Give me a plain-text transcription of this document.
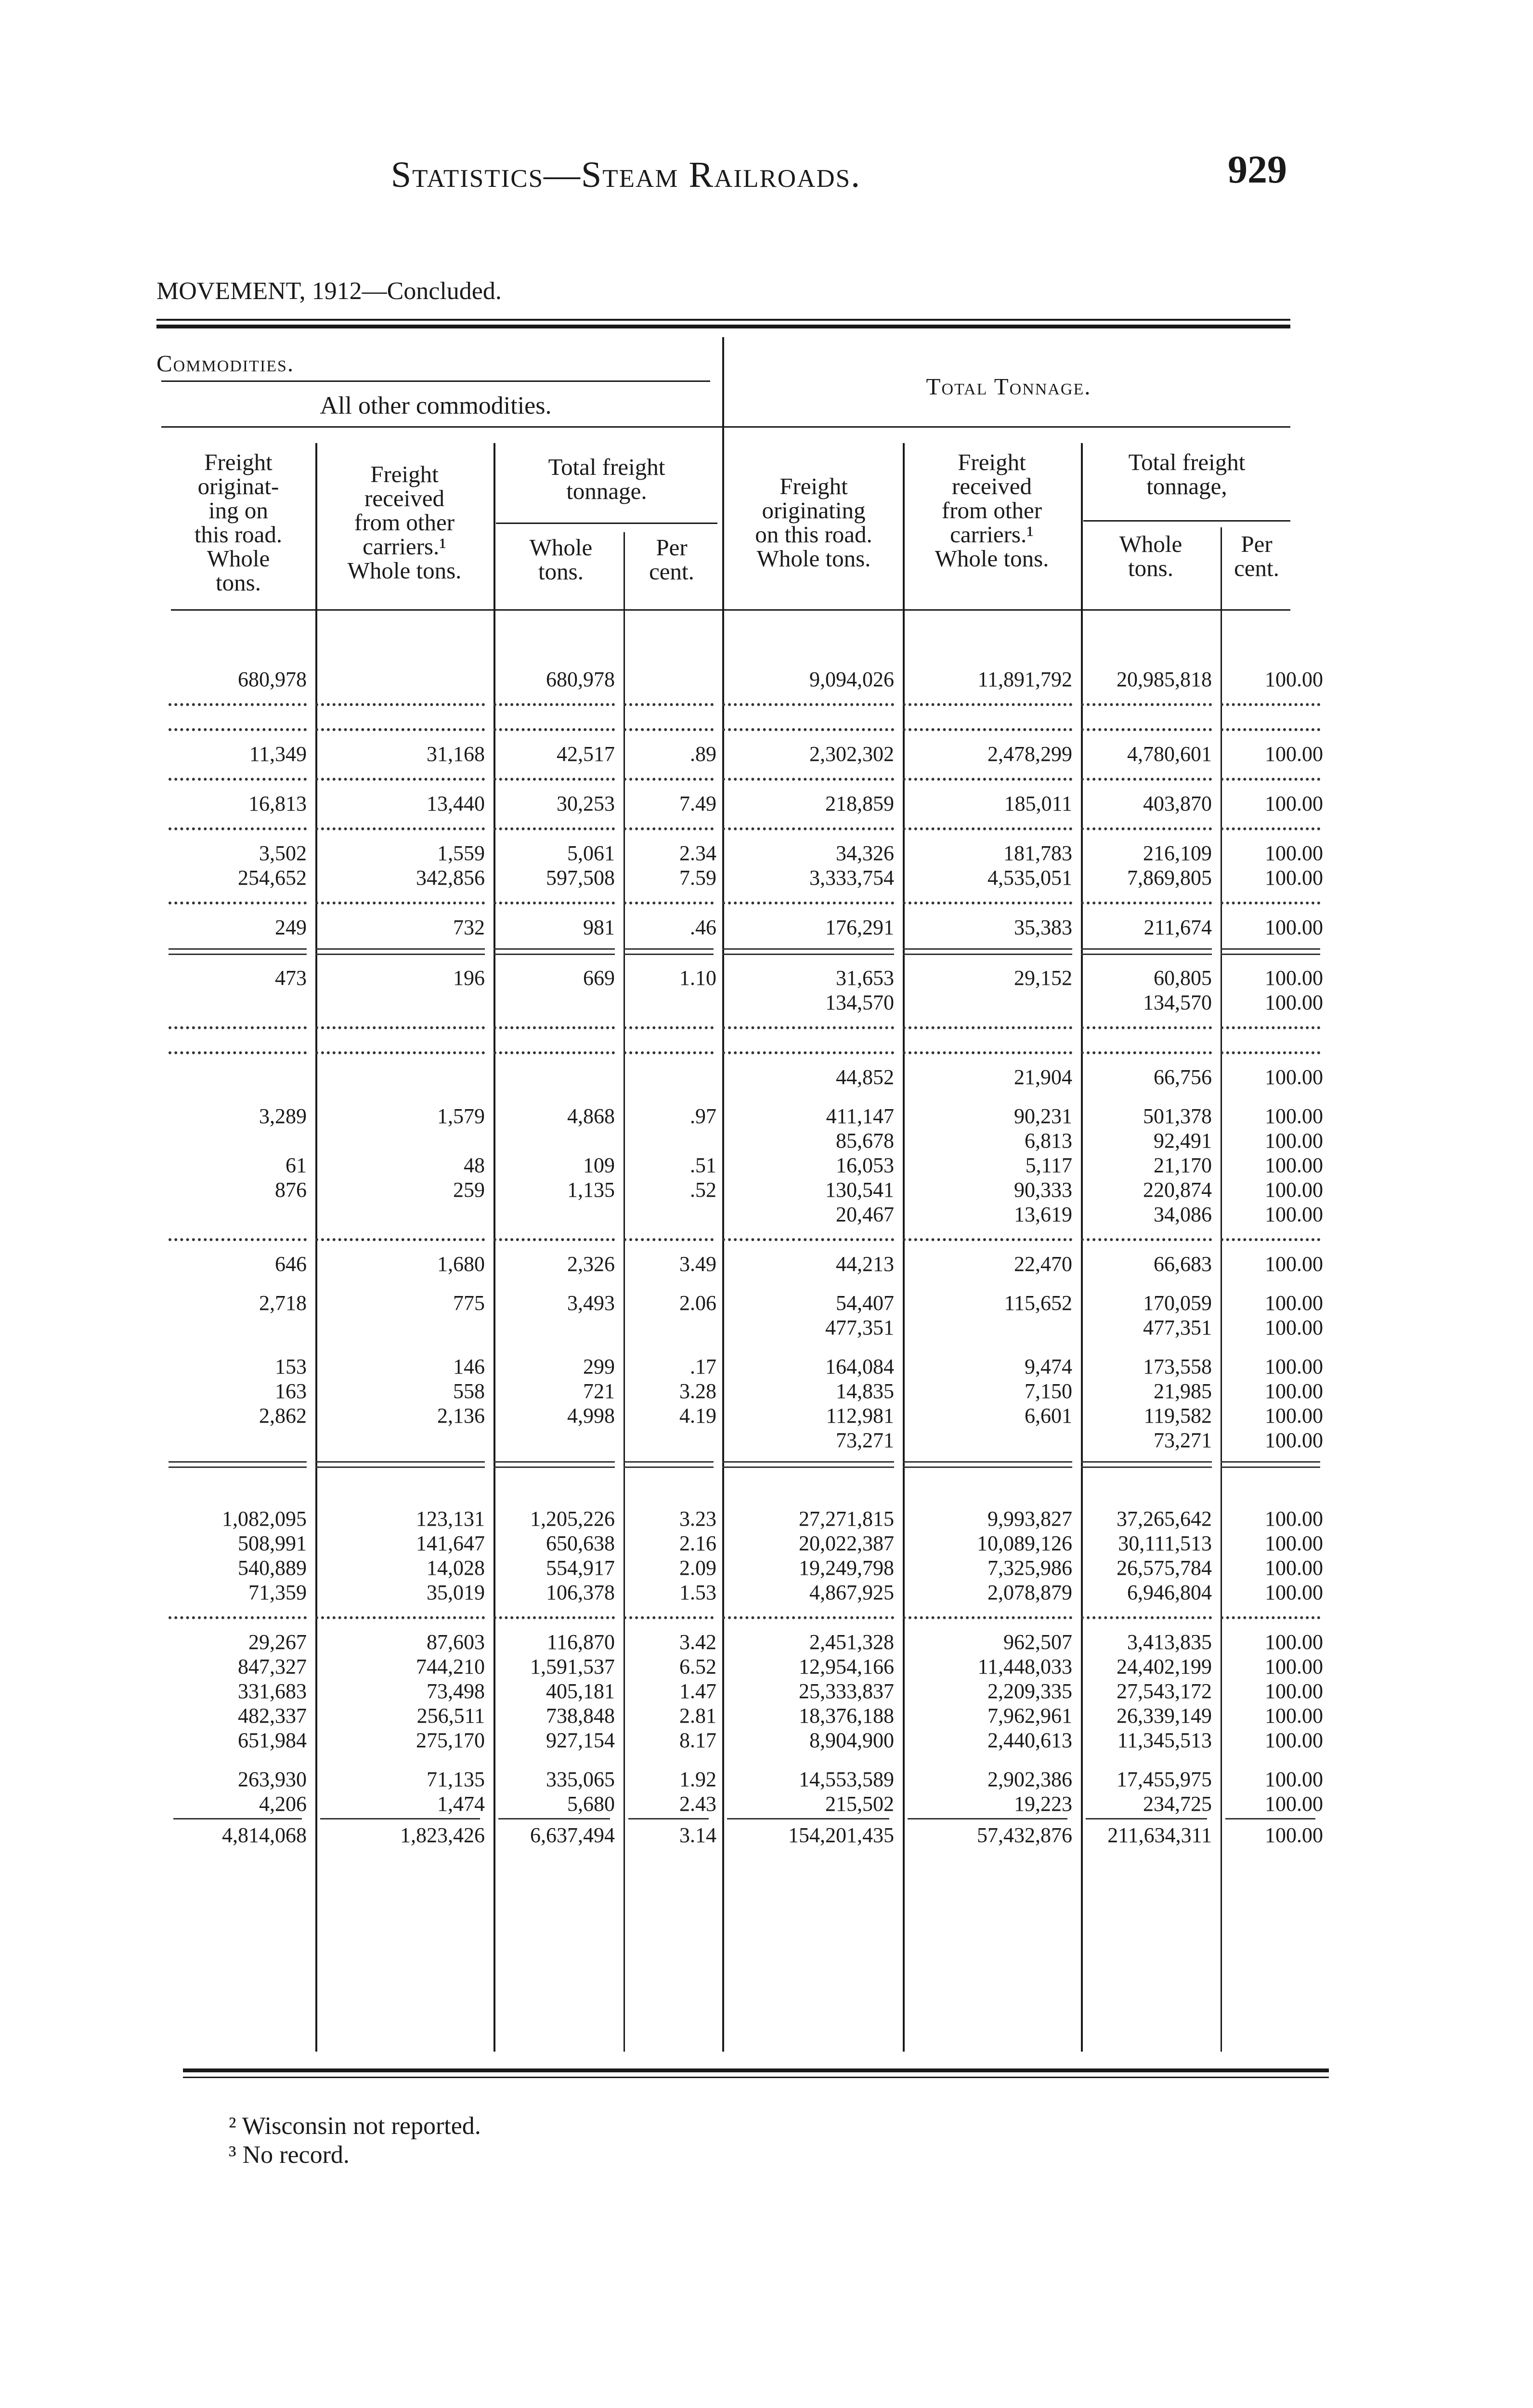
Statistics—Steam Railroads.	929
MOVEMENT, 1912—Concluded.
Commodities.
All other commodities.
Total Tonnage.
Freight
originat-
ing on
this road.
Whole
tons.
Freight
received
from other
carriers.¹
Whole tons.
Total freight
tonnage.
Whole
tons.
Per
cent.
Freight
originating
on this road.
Whole tons.
Freight
received
from other
carriers.¹
Whole tons.
Total freight
tonnage,
Whole
tons.
Per
cent.
680,978		680,978		9,094,026	11,891,792	20,985,818	100.00

11,349	31,168	42,517	.89	2,302,302	2,478,299	4,780,601	100.00

16,813	13,440	30,253	7.49	218,859	185,011	403,870	100.00

3,502	1,559	5,061	2.34	34,326	181,783	216,109	100.00
254,652	342,856	597,508	7.59	3,333,754	4,535,051	7,869,805	100.00

249	732	981	.46	176,291	35,383	211,674	100.00

473	196	669	1.10	31,653	29,152	60,805	100.00
				134,570		134,570	100.00

				44,852	21,904	66,756	100.00

3,289	1,579	4,868	.97	411,147	90,231	501,378	100.00
				85,678	6,813	92,491	100.00
61	48	109	.51	16,053	5,117	21,170	100.00
876	259	1,135	.52	130,541	90,333	220,874	100.00
				20,467	13,619	34,086	100.00

646	1,680	2,326	3.49	44,213	22,470	66,683	100.00

2,718	775	3,493	2.06	54,407	115,652	170,059	100.00
				477,351		477,351	100.00

153	146	299	.17	164,084	9,474	173,558	100.00
163	558	721	3.28	14,835	7,150	21,985	100.00
2,862	2,136	4,998	4.19	112,981	6,601	119,582	100.00
				73,271		73,271	100.00

1,082,095	123,131	1,205,226	3.23	27,271,815	9,993,827	37,265,642	100.00
508,991	141,647	650,638	2.16	20,022,387	10,089,126	30,111,513	100.00
540,889	14,028	554,917	2.09	19,249,798	7,325,986	26,575,784	100.00
71,359	35,019	106,378	1.53	4,867,925	2,078,879	6,946,804	100.00

29,267	87,603	116,870	3.42	2,451,328	962,507	3,413,835	100.00
847,327	744,210	1,591,537	6.52	12,954,166	11,448,033	24,402,199	100.00
331,683	73,498	405,181	1.47	25,333,837	2,209,335	27,543,172	100.00
482,337	256,511	738,848	2.81	18,376,188	7,962,961	26,339,149	100.00
651,984	275,170	927,154	8.17	8,904,900	2,440,613	11,345,513	100.00

263,930	71,135	335,065	1.92	14,553,589	2,902,386	17,455,975	100.00
4,206	1,474	5,680	2.43	215,502	19,223	234,725	100.00

4,814,068	1,823,426	6,637,494	3.14	154,201,435	57,432,876	211,634,311	100.00
² Wisconsin not reported.
³ No record.
